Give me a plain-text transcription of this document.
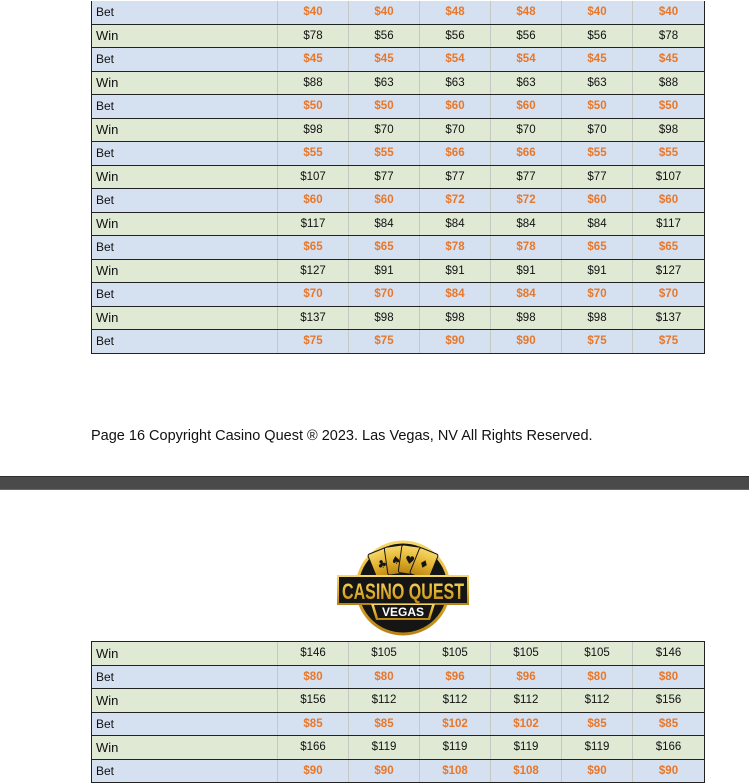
Bet	$40	$40	$48	$48	$40	$40
Win	$78	$56	$56	$56	$56	$78
Bet	$45	$45	$54	$54	$45	$45
Win	$88	$63	$63	$63	$63	$88
Bet	$50	$50	$60	$60	$50	$50
Win	$98	$70	$70	$70	$70	$98
Bet	$55	$55	$66	$66	$55	$55
Win	$107	$77	$77	$77	$77	$107
Bet	$60	$60	$72	$72	$60	$60
Win	$117	$84	$84	$84	$84	$117
Bet	$65	$65	$78	$78	$65	$65
Win	$127	$91	$91	$91	$91	$127
Bet	$70	$70	$84	$84	$70	$70
Win	$137	$98	$98	$98	$98	$137
Bet	$75	$75	$90	$90	$75	$75
Page 16 Copyright Casino Quest ® 2023. Las Vegas, NV All Rights Reserved.
♣ ♠ ♥ ♦
CASINO QUEST
VEGAS
Win	$146	$105	$105	$105	$105	$146
Bet	$80	$80	$96	$96	$80	$80
Win	$156	$112	$112	$112	$112	$156
Bet	$85	$85	$102	$102	$85	$85
Win	$166	$119	$119	$119	$119	$166
Bet	$90	$90	$108	$108	$90	$90
